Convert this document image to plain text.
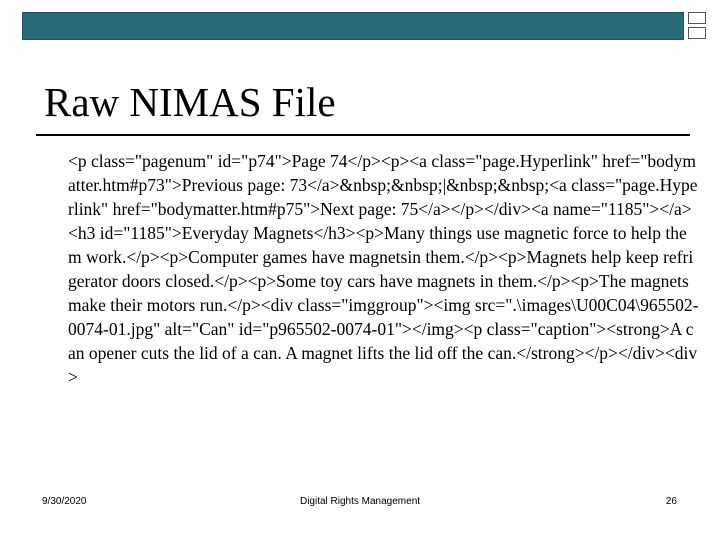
Raw NIMAS File
<p class="pagenum" id="p74">Page 74</p><p><a class="page.Hyperlink" href="bodymatter.htm#p73">Previous page: 73</a>&nbsp;&nbsp;|&nbsp;&nbsp;<a class="page.Hyperlink" href="bodymatter.htm#p75">Next page: 75</a></p></div><a name="1185"></a><h3 id="1185">Everyday Magnets</h3><p>Many things use magnetic force to help them work.</p><p>Computer games have magnetsin them.</p><p>Magnets help keep refrigerator doors closed.</p><p>Some toy cars have magnets in them.</p><p>The magnets make their motors run.</p><div class="imggroup"><img src=".\images\U00C04\965502-0074-01.jpg" alt="Can" id="p965502-0074-01"></img><p class="caption"><strong>A can opener cuts the lid of a can. A magnet lifts the lid off the can.</strong></p></div><div>
9/30/2020	Digital Rights Management	26
